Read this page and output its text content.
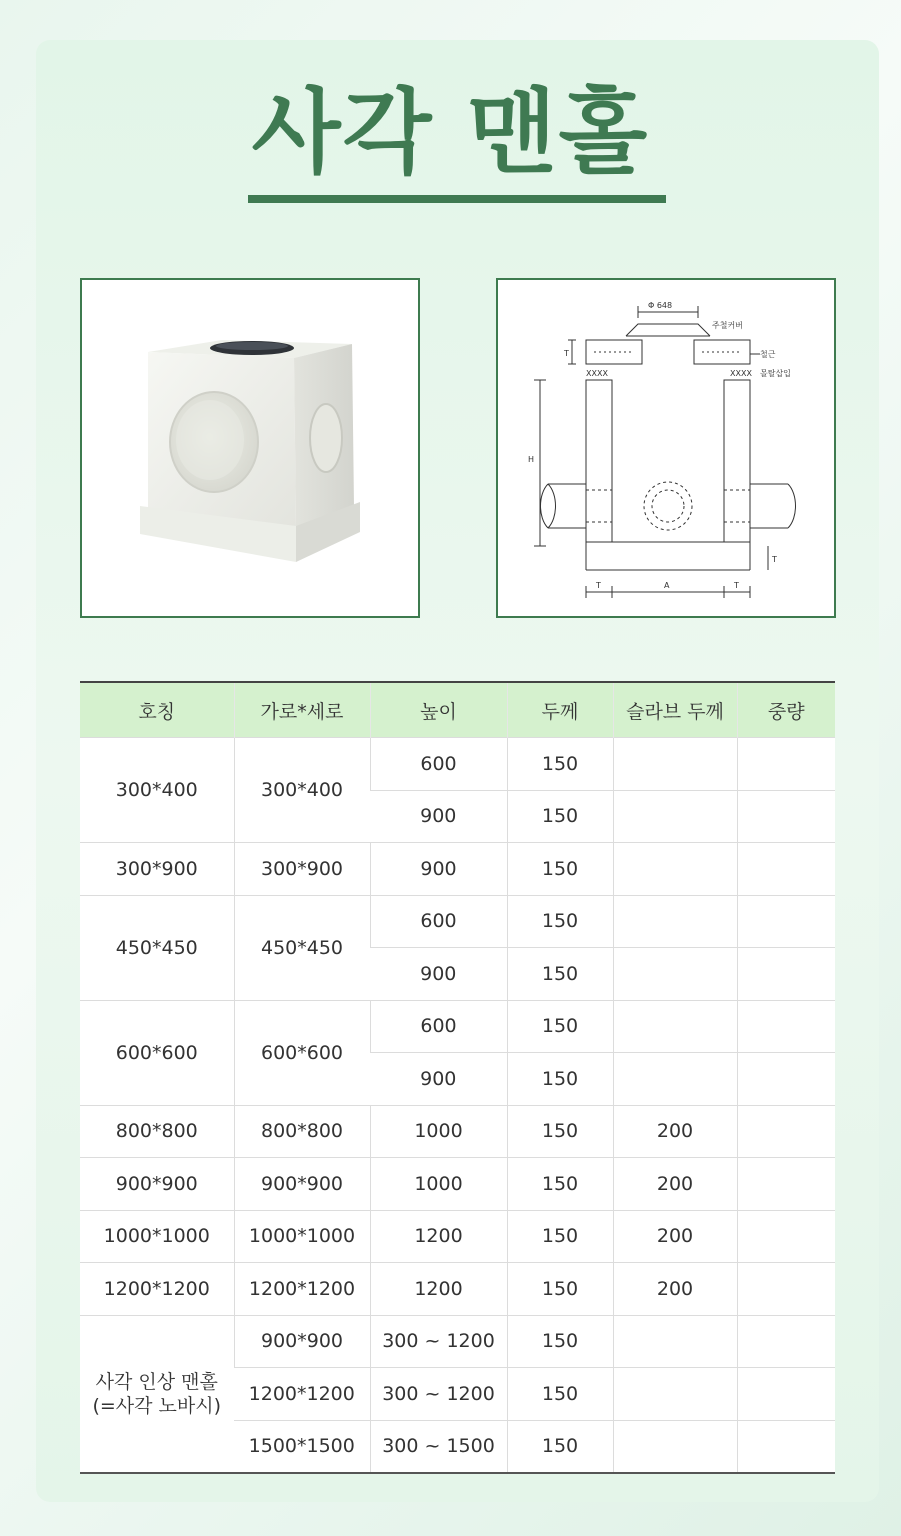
사각 맨홀
Φ 648
주철커버
철근
XXXX	XXXX 몰탈삽입
T
H
T
T	A	T
호칭	가로*세로	높이	두께	슬라브 두께	중량
300*400	300*400	600	150		
		900	150		
300*900	300*900	900	150		
450*450	450*450	600	150		
		900	150		
600*600	600*600	600	150		
		900	150		
800*800	800*800	1000	150	200	
900*900	900*900	1000	150	200	
1000*1000	1000*1000	1200	150	200	
1200*1200	1200*1200	1200	150	200	
사각 인상 맨홀
(=사각 노바시)	900*900	300 ~ 1200	150		
	1200*1200	300 ~ 1200	150		
	1500*1500	300 ~ 1500	150		
